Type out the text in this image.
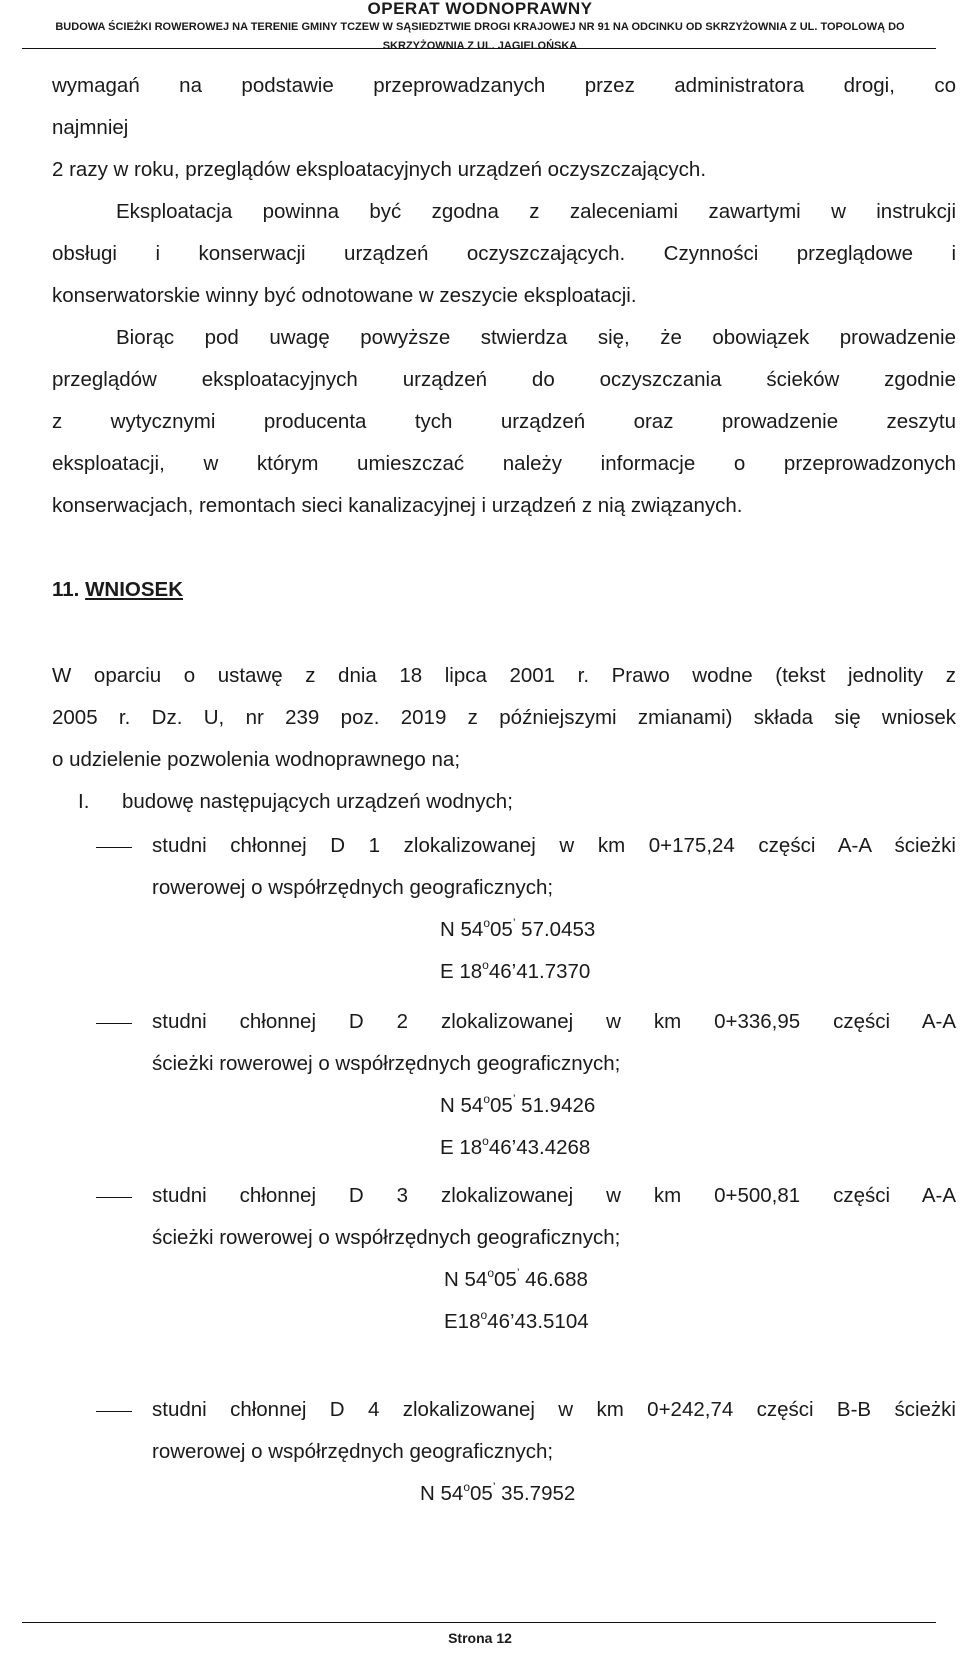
OPERAT WODNOPRAWNY
BUDOWA ŚCIEŻKI ROWEROWEJ NA TERENIE GMINY TCZEW W SĄSIEDZTWIE DROGI KRAJOWEJ NR 91 NA ODCINKU OD SKRZYŻOWNIA Z UL. TOPOLOWĄ DO
SKRZYŻOWNIA Z UL. JAGIELOŃSKA
wymagań na podstawie przeprowadzanych przez administratora drogi, co
najmniej
2 razy w roku, przeglądów eksploatacyjnych urządzeń oczyszczających.
Eksploatacja powinna być zgodna z zaleceniami zawartymi w instrukcji
obsługi i konserwacji urządzeń oczyszczających. Czynności przeglądowe i
konserwatorskie winny być odnotowane w zeszycie eksploatacji.
Biorąc pod uwagę powyższe stwierdza się, że obowiązek prowadzenie
przeglądów eksploatacyjnych urządzeń do oczyszczania ścieków zgodnie
z wytycznymi producenta tych urządzeń oraz prowadzenie zeszytu
eksploatacji, w którym umieszczać należy informacje o przeprowadzonych
konserwacjach, remontach sieci kanalizacyjnej i urządzeń z nią związanych.
11. WNIOSEK
W oparciu o ustawę z dnia 18 lipca 2001 r. Prawo wodne (tekst jednolity z
2005 r. Dz. U, nr 239 poz. 2019 z późniejszymi zmianami) składa się wniosek
o udzielenie pozwolenia wodnoprawnego na;
I. budowę następujących urządzeń wodnych;
studni chłonnej D 1 zlokalizowanej w km 0+175,24 części A-A ścieżki
rowerowej o współrzędnych geograficznych;
N 54$^o$05’ 57.0453
E 18$^o$46’41.7370
studni chłonnej D 2 zlokalizowanej w km 0+336,95 części A-A
ścieżki rowerowej o współrzędnych geograficznych;
N 54$^o$05’ 51.9426
E 18$^o$46’43.4268
studni chłonnej D 3 zlokalizowanej w km 0+500,81 części A-A
ścieżki rowerowej o współrzędnych geograficznych;
N 54$^o$05’ 46.688
E18$^o$46’43.5104
studni chłonnej D 4 zlokalizowanej w km 0+242,74 części B-B ścieżki
rowerowej o współrzędnych geograficznych;
N 54$^o$05’ 35.7952
Strona 12
